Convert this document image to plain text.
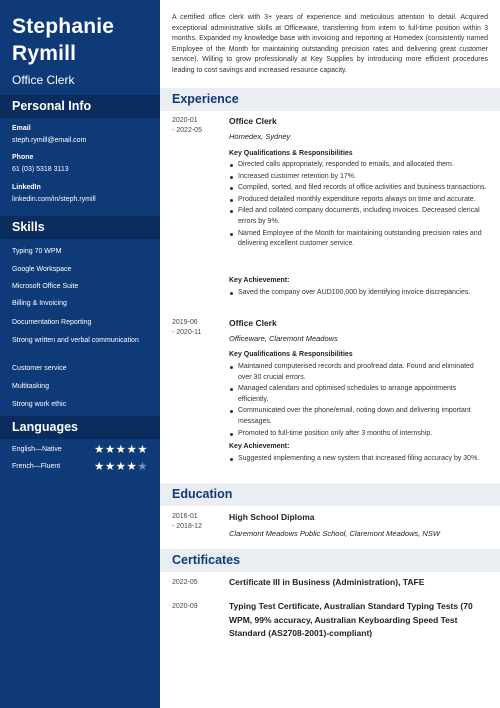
Stephanie
Rymill
Office Clerk
Personal Info
Email
steph.rymill@email.com
Phone
61 (03) 5318 3113
LinkedIn
linkedin.com/in/steph.rymill
Skills
Typing 70 WPM
Google Workspace
Microsoft Office Suite
Billing & Invoicing
Documentation Reporting
Strong written and verbal communication
Customer service
Multitasking
Strong work ethic
Languages
English—Native	★★★★★
French—Fluent	★★★★★
A certified office clerk with 3+ years of experience and meticulous attention to detail. Acquired exceptional administrative skills at Officeware, transferring from intern to full-time position within 3 months. Expanded my knowledge base with invoicing and reporting at Homedex (consistently named Employee of the Month for maintaining outstanding precision rates and delivering great customer service). Willing to grow professionally at Key Supplies by introducing more efficient procedures leading to cost savings and increased resource capacity.
Experience
2020-01
- 2022-05
Office Clerk
Homedex, Sydney
Key Qualifications & Responsibilities
Directed calls appropriately, responded to emails, and allocated them.
Increased customer retention by 17%.
Compiled, sorted, and filed records of office activities and business transactions.
Produced detailed monthly expenditure reports always on time and accurate.
Filed and collated company documents, including invoices. Decreased clerical errors by 9%.
Named Employee of the Month for maintaining outstanding precision rates and delivering excellent customer service.
Key Achievement:
Saved the company over AUD100,000 by identifying invoice discrepancies.
2019-06
- 2020-11
Office Clerk
Officeware, Claremont Meadows
Key Qualifications & Responsibilities
Maintained computerised records and proofread data. Found and eliminated over 30 crucial errors.
Managed calendars and optimised schedules to arrange appointments efficiently.
Communicated over the phone/email, noting down and delivering important messages.
Promoted to full-time position only after 3 months of internship.
Key Achievement:
Suggested implementing a new system that increased filing accuracy by 30%.
Education
2016-01
- 2018-12
High School Diploma
Claremont Meadows Public School, Claremont Meadows, NSW
Certificates
2022-05	Certificate III in Business (Administration), TAFE
2020-09	Typing Test Certificate, Australian Standard Typing Tests (70 WPM, 99% accuracy, Australian Keyboarding Speed Test Standard (AS2708-2001)-compliant)
